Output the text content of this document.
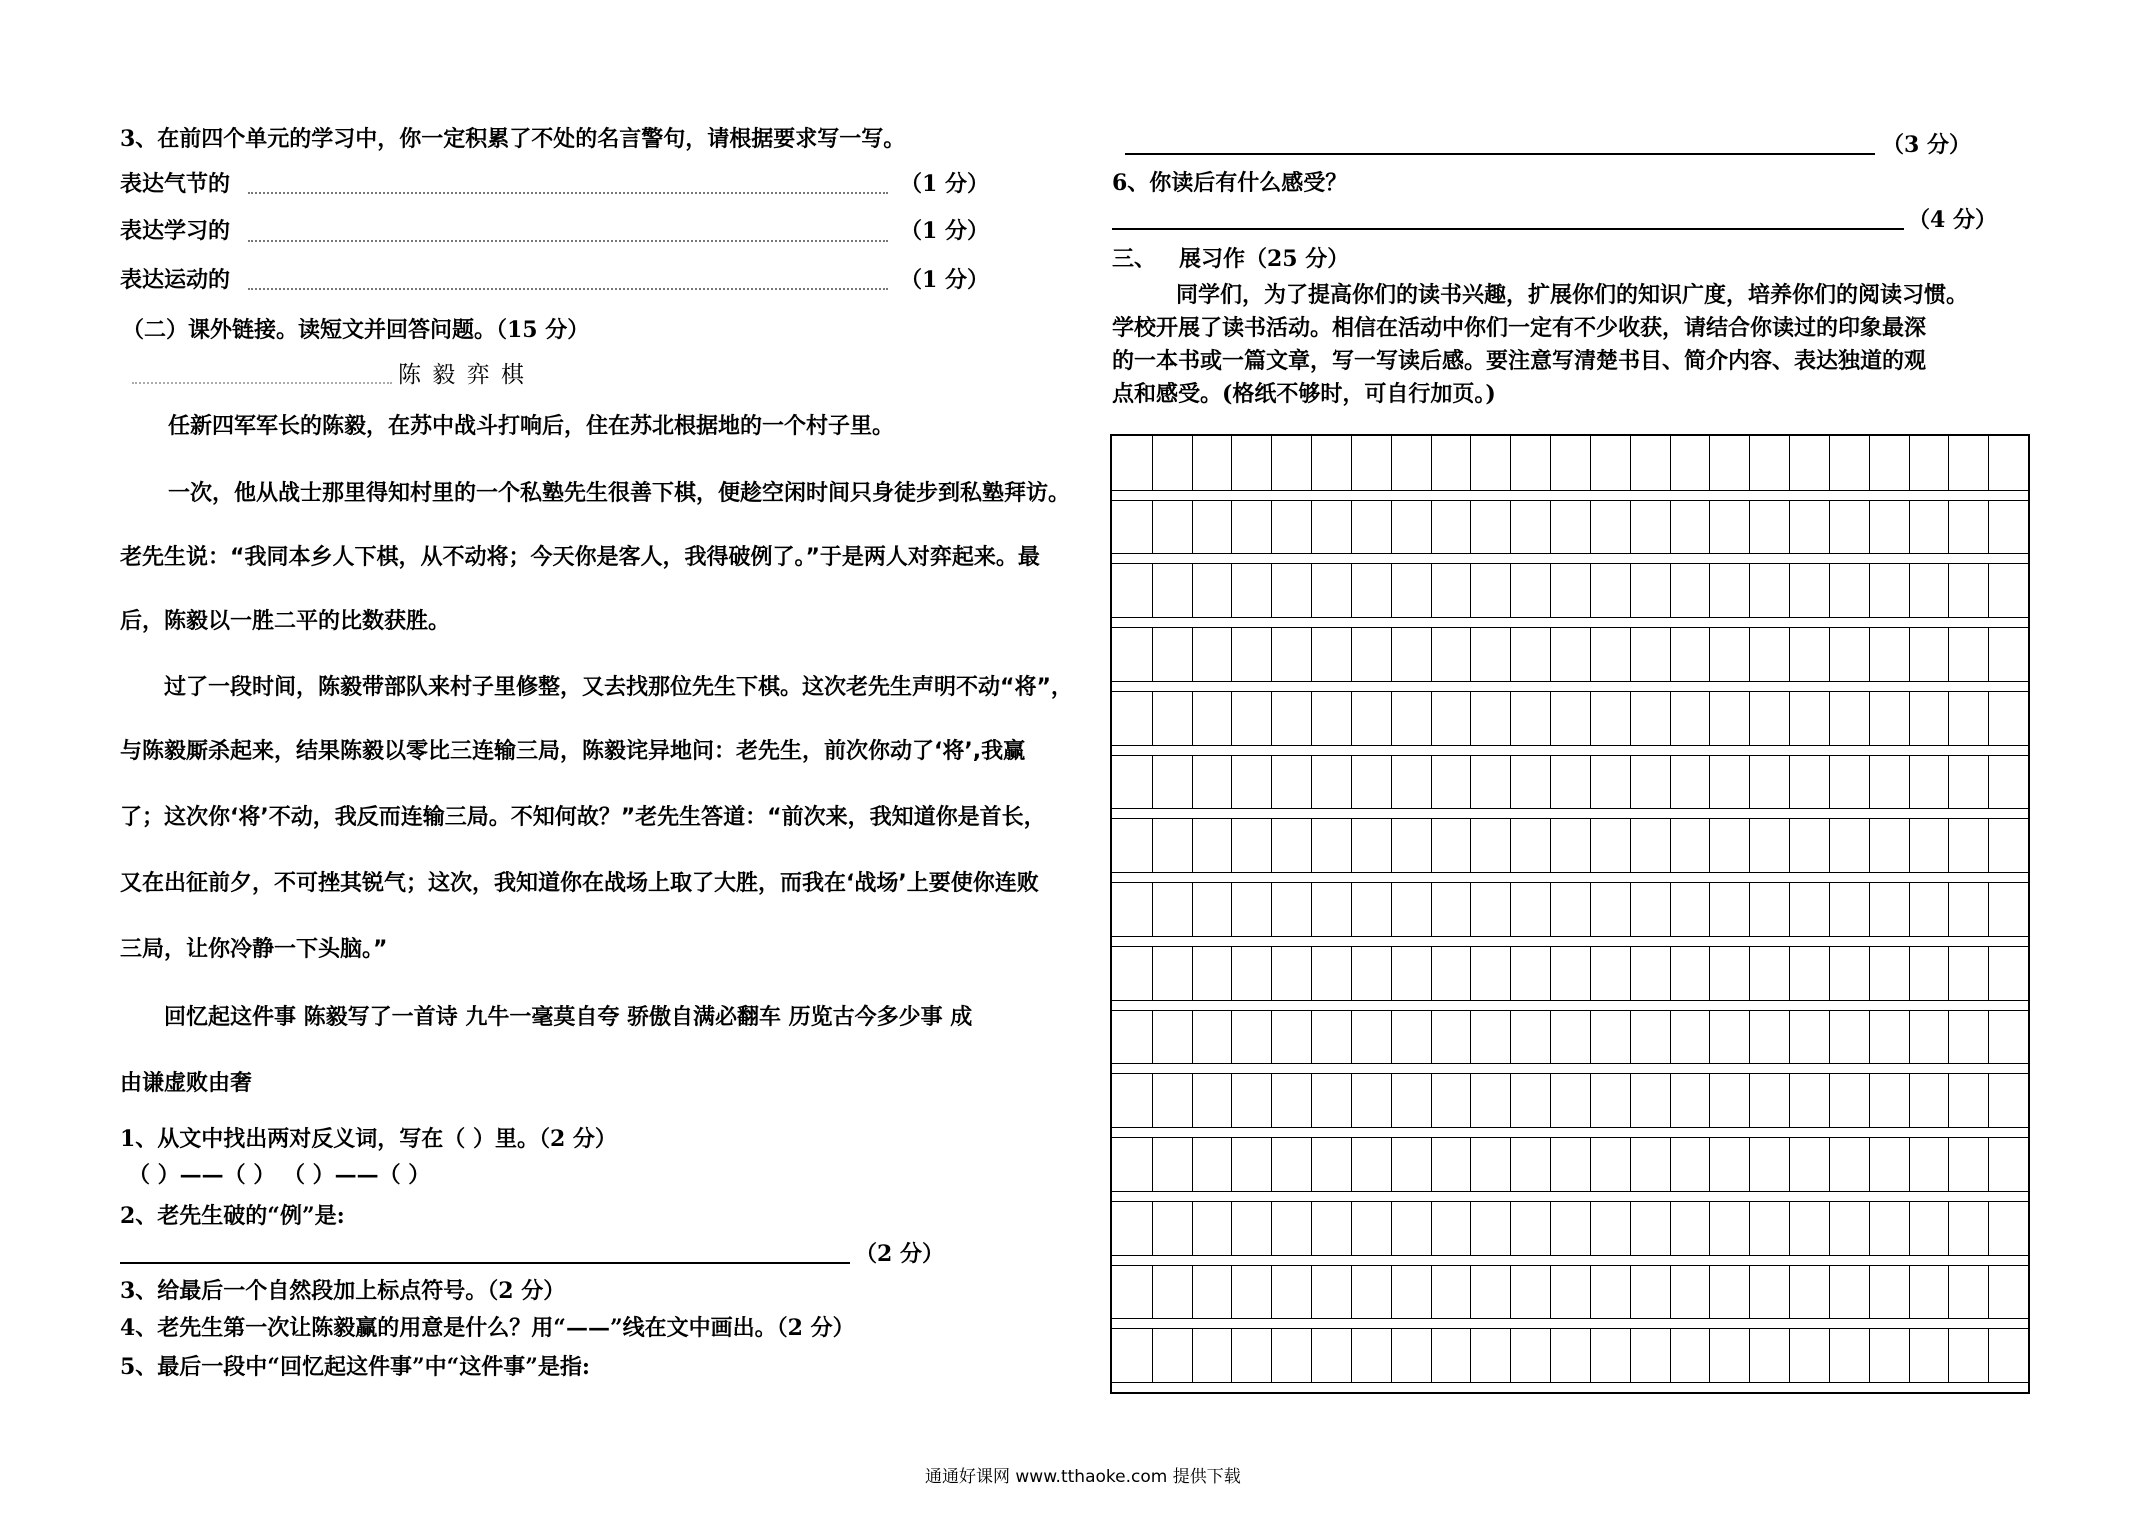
3、在前四个单元的学习中，你一定积累了不处的名言警句，请根据要求写一写。
表达气节的	（1 分）
表达学习的	（1 分）
表达运动的	（1 分）
（二）课外链接。读短文并回答问题。（15 分）
陈 毅 弈 棋
任新四军军长的陈毅，在苏中战斗打响后，住在苏北根据地的一个村子里。
一次，他从战士那里得知村里的一个私塾先生很善下棋，便趁空闲时间只身徒步到私塾拜访。
老先生说：“我同本乡人下棋，从不动将；今天你是客人，我得破例了。”于是两人对弈起来。最
后，陈毅以一胜二平的比数获胜。
过了一段时间，陈毅带部队来村子里修整，又去找那位先生下棋。这次老先生声明不动“将”，
与陈毅厮杀起来，结果陈毅以零比三连输三局，陈毅诧异地问：老先生，前次你动了‘将’,我赢
了；这次你‘将’不动，我反而连输三局。不知何故？”老先生答道：“前次来，我知道你是首长，
又在出征前夕，不可挫其锐气；这次，我知道你在战场上取了大胜，而我在‘战场’上要使你连败
三局，让你冷静一下头脑。”
回忆起这件事 陈毅写了一首诗 九牛一毫莫自夸 骄傲自满必翻车 历览古今多少事 成
由谦虚败由奢
1、从文中找出两对反义词，写在（ ）里。（2 分）
（ ）——（ ） （ ）——（ ）
2、老先生破的“例”是:
（2 分）
3、给最后一个自然段加上标点符号。（2 分）
4、老先生第一次让陈毅赢的用意是什么？用“——”线在文中画出。（2 分）
5、最后一段中“回忆起这件事”中“这件事”是指:
（3 分）
6、你读后有什么感受？
（4 分）
三、   展习作（25 分）
同学们，为了提高你们的读书兴趣，扩展你们的知识广度，培养你们的阅读习惯。
学校开展了读书活动。相信在活动中你们一定有不少收获，请结合你读过的印象最深
的一本书或一篇文章，写一写读后感。要注意写清楚书目、简介内容、表达独道的观
点和感受。(格纸不够时，可自行加页。)
通通好课网 www.tthaoke.com 提供下载
